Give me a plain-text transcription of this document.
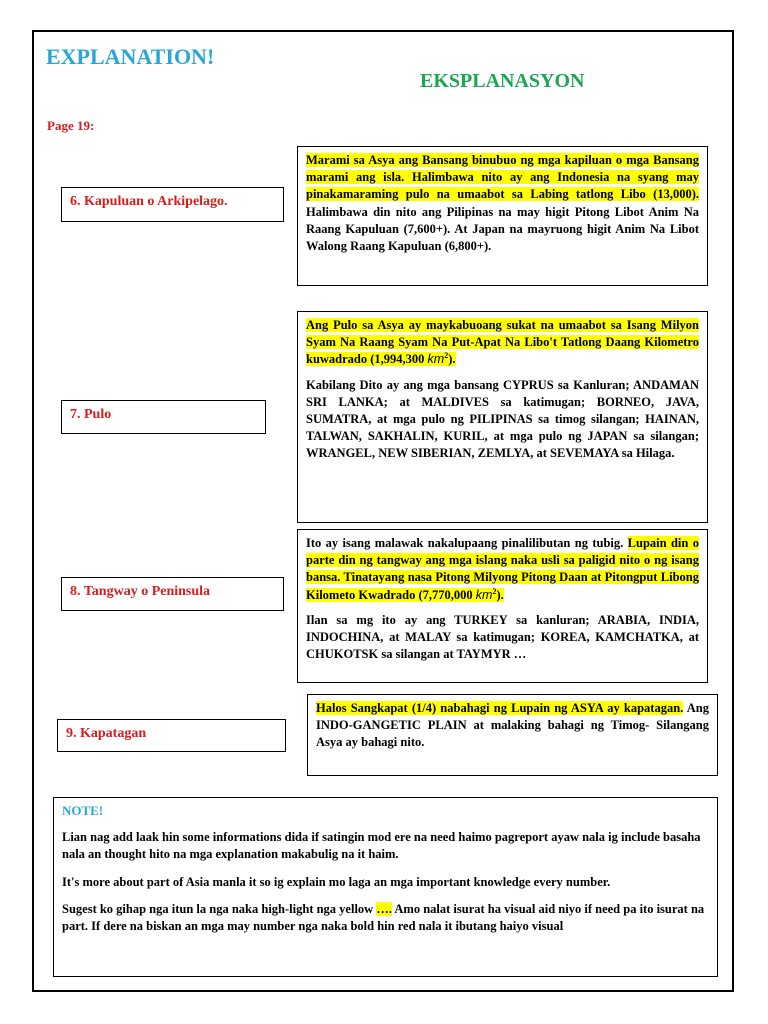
EXPLANATION!
EKSPLANASYON
Page 19:
6. Kapuluan o Arkipelago.
7. Pulo
8. Tangway o Peninsula
9. Kapatagan

Marami sa Asya ang Bansang binubuo ng mga kapiluan o mga Bansang marami ang isla. Halimbawa nito ay ang Indonesia na syang may pinakamaraming pulo na umaabot sa Labing tatlong Libo (13,000). Halimbawa din nito ang Pilipinas na may higit Pitong Libot Anim Na Raang Kapuluan (7,600+). At Japan na mayruong higit Anim Na Libot Walong Raang Kapuluan (6,800+).

Ang Pulo sa Asya ay maykabuoang sukat na umaabot sa Isang Milyon Syam Na Raang Syam Na Put-Apat Na Libo't Tatlong Daang Kilometro kuwadrado (1,994,300 $km^2$).

Kabilang Dito ay ang mga bansang CYPRUS sa Kanluran; ANDAMAN SRI LANKA; at MALDIVES sa katimugan; BORNEO, JAVA, SUMATRA, at mga pulo ng PILIPINAS sa timog silangan; HAINAN, TALWAN, SAKHALIN, KURIL, at mga pulo ng JAPAN sa silangan; WRANGEL, NEW SIBERIAN, ZEMLYA, at SEVEMAYA sa Hilaga.

Ito ay isang malawak nakalupaang pinalilibutan ng tubig. Lupain din o parte din ng tangway ang mga islang naka usli sa paligid nito o ng isang bansa. Tinatayang nasa Pitong Milyong Pitong Daan at Pitongput Libong Kilometo Kwadrado (7,770,000 $km^2$).

Ilan sa mg ito ay ang TURKEY sa kanluran; ARABIA, INDIA, INDOCHINA, at MALAY sa katimugan; KOREA, KAMCHATKA, at CHUKOTSK sa silangan at TAYMYR …

Halos Sangkapat (1/4) nabahagi ng Lupain ng ASYA ay kapatagan. Ang INDO-GANGETIC PLAIN at malaking bahagi ng Timog- Silangang Asya ay bahagi nito.

NOTE!

Lian nag add laak hin some informations dida if satingin mod ere na need haimo pagreport ayaw nala ig include basaha nala an thought hito na mga explanation makabulig na it haim.

It's more about part of Asia manla it so ig explain mo laga an mga important knowledge every number.

Sugest ko gihap nga itun la nga naka high-light nga yellow …. Amo nalat isurat ha visual aid niyo if need pa ito isurat na part. If dere na biskan an mga may number nga naka bold hin red nala it ibutang haiyo visual
